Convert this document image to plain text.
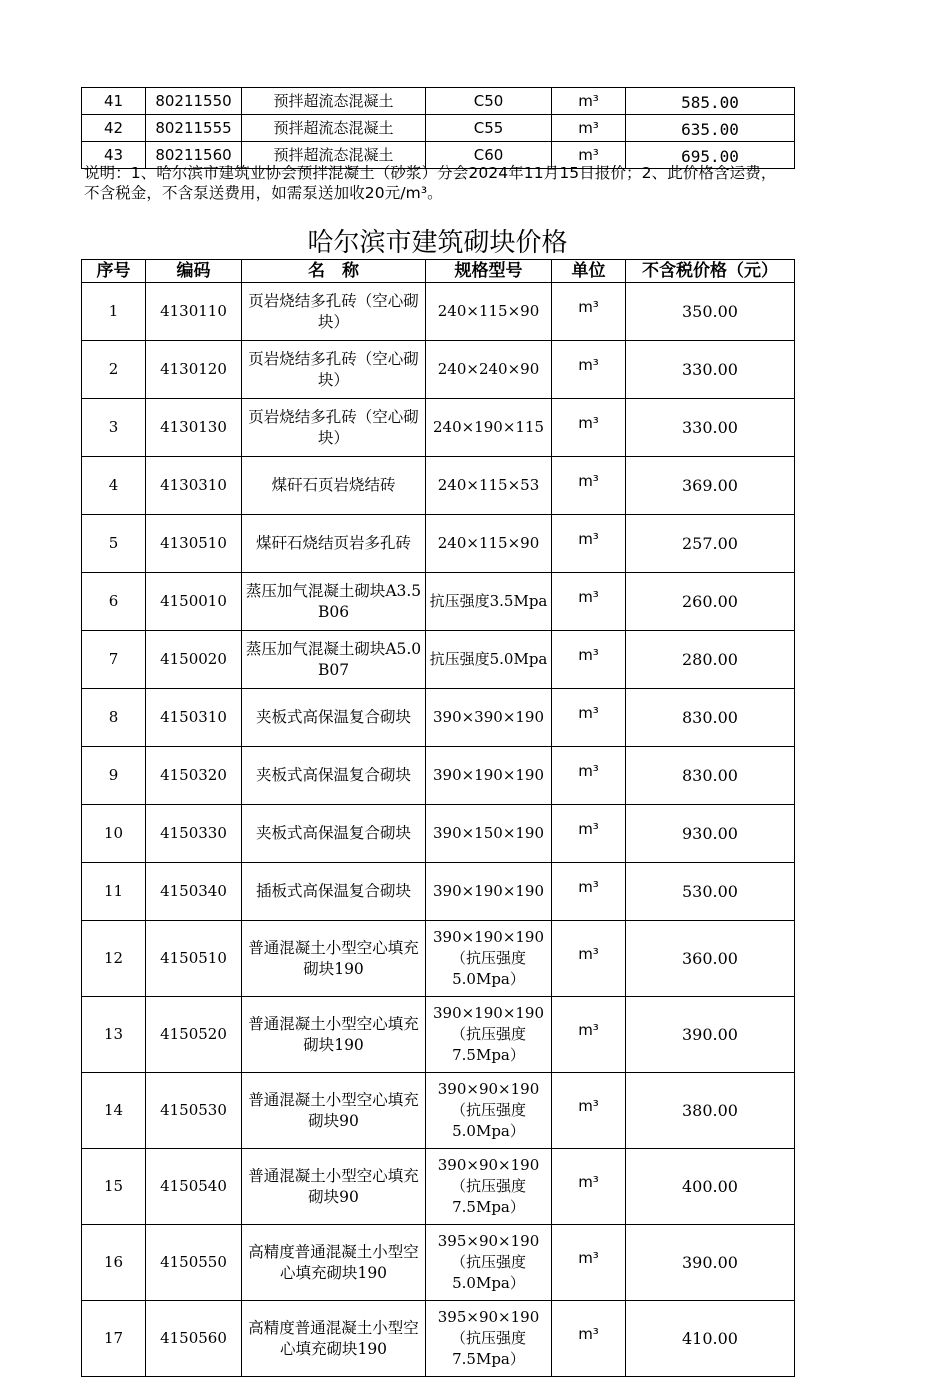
41	80211550	预拌超流态混凝土	C50	m³	585.00
42	80211555	预拌超流态混凝土	C55	m³	635.00
43	80211560	预拌超流态混凝土	C60	m³	695.00
说明：1、哈尔滨市建筑业协会预拌混凝土（砂浆）分会2024年11月15日报价；2、此价格含运费，不含税金，不含泵送费用，如需泵送加收20元/m³。
哈尔滨市建筑砌块价格
序号	编码	名　称	规格型号	单位	不含税价格（元）
1	4130110	页岩烧结多孔砖（空心砌块）	240×115×90	m³	350.00
2	4130120	页岩烧结多孔砖（空心砌块）	240×240×90	m³	330.00
3	4130130	页岩烧结多孔砖（空心砌块）	240×190×115	m³	330.00
4	4130310	煤矸石页岩烧结砖	240×115×53	m³	369.00
5	4130510	煤矸石烧结页岩多孔砖	240×115×90	m³	257.00
6	4150010	蒸压加气混凝土砌块A3.5 B06	抗压强度3.5Mpa	m³	260.00
7	4150020	蒸压加气混凝土砌块A5.0 B07	抗压强度5.0Mpa	m³	280.00
8	4150310	夹板式高保温复合砌块	390×390×190	m³	830.00
9	4150320	夹板式高保温复合砌块	390×190×190	m³	830.00
10	4150330	夹板式高保温复合砌块	390×150×190	m³	930.00
11	4150340	插板式高保温复合砌块	390×190×190	m³	530.00
12	4150510	普通混凝土小型空心填充砌块190	390×190×190（抗压强度5.0Mpa）	m³	360.00
13	4150520	普通混凝土小型空心填充砌块190	390×190×190（抗压强度7.5Mpa）	m³	390.00
14	4150530	普通混凝土小型空心填充砌块90	390×90×190（抗压强度5.0Mpa）	m³	380.00
15	4150540	普通混凝土小型空心填充砌块90	390×90×190（抗压强度7.5Mpa）	m³	400.00
16	4150550	高精度普通混凝土小型空心填充砌块190	395×90×190（抗压强度5.0Mpa）	m³	390.00
17	4150560	高精度普通混凝土小型空心填充砌块190	395×90×190（抗压强度7.5Mpa）	m³	410.00
